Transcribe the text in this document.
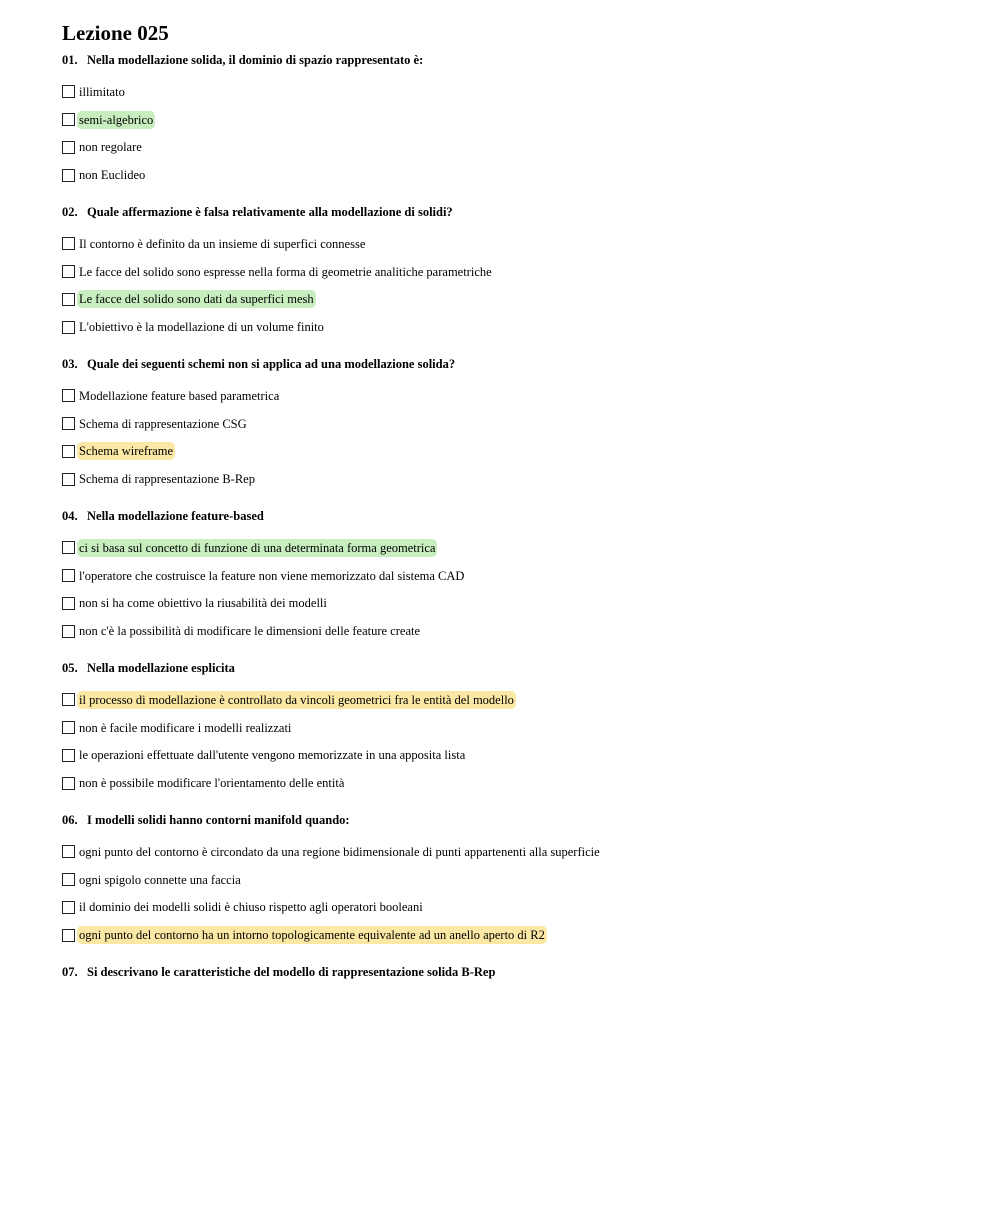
Lezione 025
01. Nella modellazione solida, il dominio di spazio rappresentato è:
illimitato
semi-algebrico
non regolare
non Euclideo
02. Quale affermazione è falsa relativamente alla modellazione di solidi?
Il contorno è definito da un insieme di superfici connesse
Le facce del solido sono espresse nella forma di geometrie analitiche parametriche
Le facce del solido sono dati da superfici mesh
L'obiettivo è la modellazione di un volume finito
03. Quale dei seguenti schemi non si applica ad una modellazione solida?
Modellazione feature based parametrica
Schema di rappresentazione CSG
Schema wireframe
Schema di rappresentazione B-Rep
04. Nella modellazione feature-based
ci si basa sul concetto di funzione di una determinata forma geometrica
l'operatore che costruisce la feature non viene memorizzato dal sistema CAD
non si ha come obiettivo la riusabilità dei modelli
non c'è la possibilità di modificare le dimensioni delle feature create
05. Nella modellazione esplicita
il processo di modellazione è controllato da vincoli geometrici fra le entità del modello
non è facile modificare i modelli realizzati
le operazioni effettuate dall'utente vengono memorizzate in una apposita lista
non è possibile modificare l'orientamento delle entità
06. I modelli solidi hanno contorni manifold quando:
ogni punto del contorno è circondato da una regione bidimensionale di punti appartenenti alla superficie
ogni spigolo connette una faccia
il dominio dei modelli solidi è chiuso rispetto agli operatori booleani
ogni punto del contorno ha un intorno topologicamente equivalente ad un anello aperto di R2
07. Si descrivano le caratteristiche del modello di rappresentazione solida B-Rep
